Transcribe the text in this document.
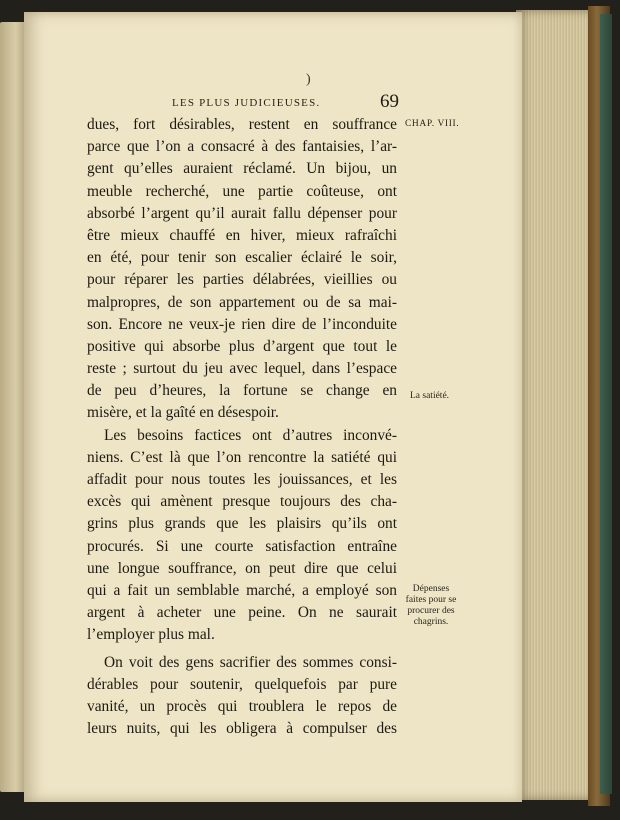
)
LES PLUS JUDICIEUSES.	69
CHAP. VIII.
La satiété.
Dépenses
faites pour se
procurer des
chagrins.
dues, fort désirables, restent en souffrance
parce que l’on a consacré à des fantaisies, l’ar-
gent qu’elles auraient réclamé. Un bijou, un
meuble recherché, une partie coûteuse, ont
absorbé l’argent qu’il aurait fallu dépenser pour
être mieux chauffé en hiver, mieux rafraîchi
en été, pour tenir son escalier éclairé le soir,
pour réparer les parties délabrées, vieillies ou
malpropres, de son appartement ou de sa mai-
son. Encore ne veux-je rien dire de l’inconduite
positive qui absorbe plus d’argent que tout le
reste ; surtout du jeu avec lequel, dans l’espace
de peu d’heures, la fortune se change en
misère, et la gaîté en désespoir.
Les besoins factices ont d’autres inconvé-
niens. C’est là que l’on rencontre la satiété qui
affadit pour nous toutes les jouissances, et les
excès qui amènent presque toujours des cha-
grins plus grands que les plaisirs qu’ils ont
procurés. Si une courte satisfaction entraîne
une longue souffrance, on peut dire que celui
qui a fait un semblable marché, a employé son
argent à acheter une peine. On ne saurait
l’employer plus mal.
On voit des gens sacrifier des sommes consi-
dérables pour soutenir, quelquefois par pure
vanité, un procès qui troublera le repos de
leurs nuits, qui les obligera à compulser des
